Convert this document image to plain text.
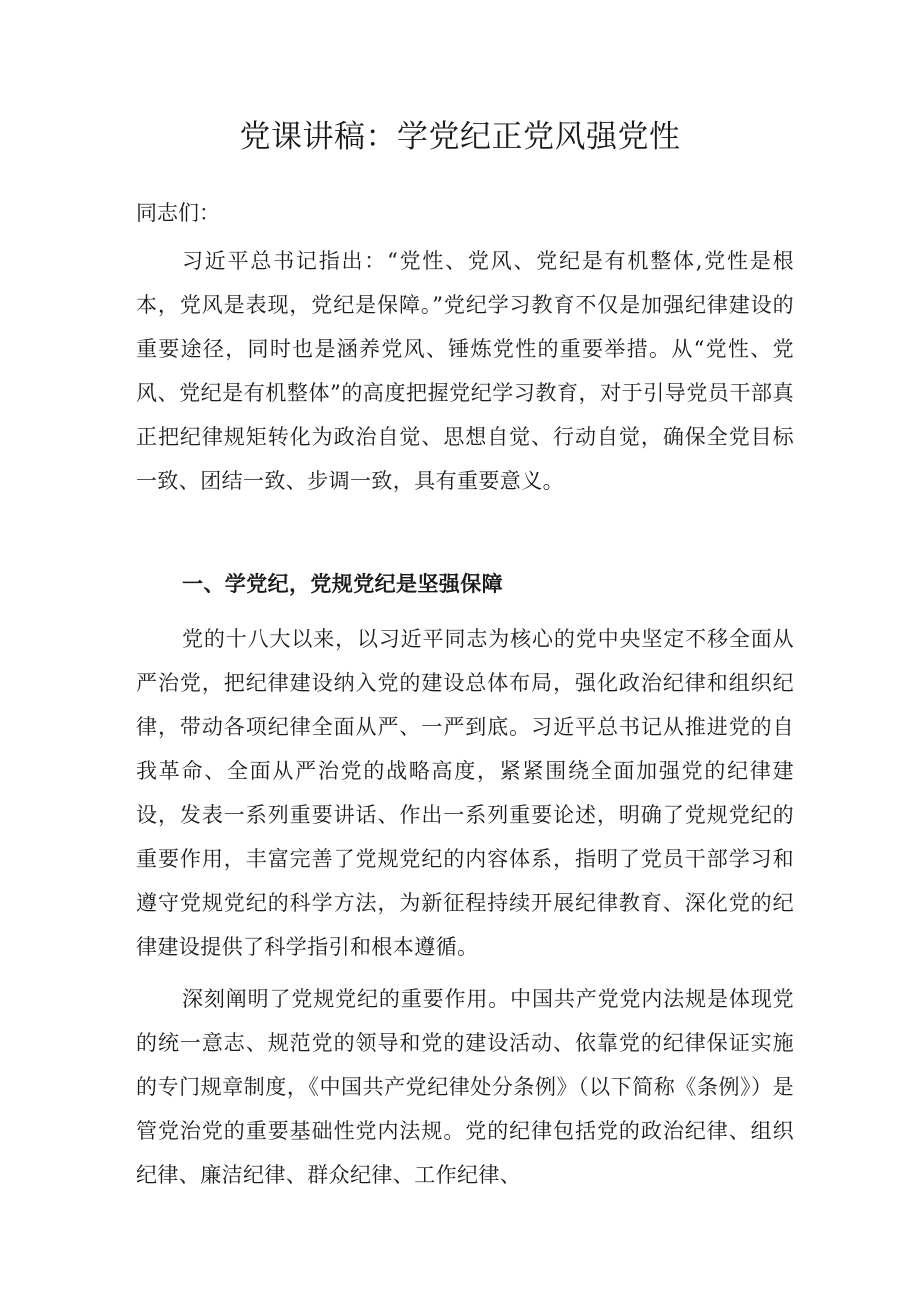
党课讲稿：学党纪正党风强党性

同志们：

习近平总书记指出：“党性、党风、党纪是有机整体,党性是根本，党风是表现，党纪是保障。”党纪学习教育不仅是加强纪律建设的重要途径，同时也是涵养党风、锤炼党性的重要举措。从“党性、党风、党纪是有机整体”的高度把握党纪学习教育，对于引导党员干部真正把纪律规矩转化为政治自觉、思想自觉、行动自觉，确保全党目标一致、团结一致、步调一致，具有重要意义。

一、学党纪，党规党纪是坚强保障

党的十八大以来，以习近平同志为核心的党中央坚定不移全面从严治党，把纪律建设纳入党的建设总体布局，强化政治纪律和组织纪律，带动各项纪律全面从严、一严到底。习近平总书记从推进党的自我革命、全面从严治党的战略高度，紧紧围绕全面加强党的纪律建设，发表一系列重要讲话、作出一系列重要论述，明确了党规党纪的重要作用，丰富完善了党规党纪的内容体系，指明了党员干部学习和遵守党规党纪的科学方法，为新征程持续开展纪律教育、深化党的纪律建设提供了科学指引和根本遵循。

深刻阐明了党规党纪的重要作用。中国共产党党内法规是体现党的统一意志、规范党的领导和党的建设活动、依靠党的纪律保证实施的专门规章制度，《中国共产党纪律处分条例》（以下简称《条例》）是管党治党的重要基础性党内法规。党的纪律包括党的政治纪律、组织纪律、廉洁纪律、群众纪律、工作纪律、
